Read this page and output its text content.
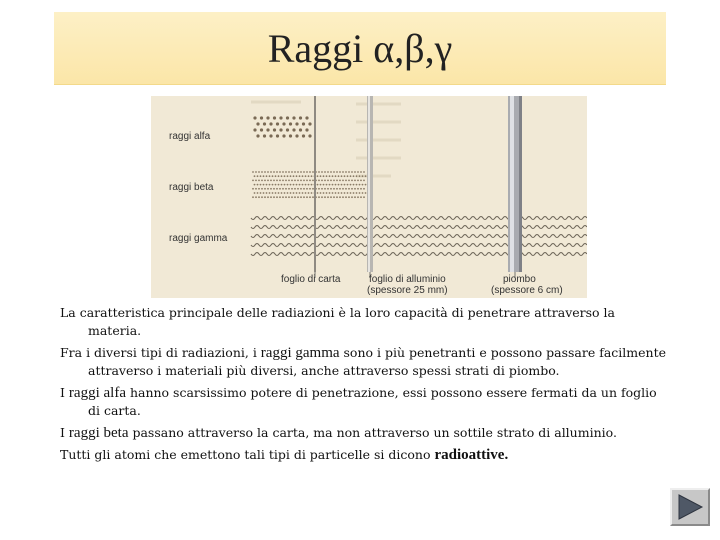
Raggi α,β,γ
raggi alfa
raggi beta
raggi gamma
foglio di carta	foglio di alluminio
(spessore 25 mm)
piombo
(spessore 6 cm)

La caratteristica principale delle radiazioni è la loro capacità di penetrare attraverso la materia.

Fra i diversi tipi di radiazioni, i raggi gamma sono i più penetranti e possono passare facilmente attraverso i materiali più diversi, anche attraverso spessi strati di piombo.

I raggi alfa hanno scarsissimo potere di penetrazione, essi possono essere fermati da un foglio di carta.

I raggi beta passano attraverso la carta, ma non attraverso un sottile strato di alluminio.

Tutti gli atomi che emettono tali tipi di particelle si dicono radioattive.
